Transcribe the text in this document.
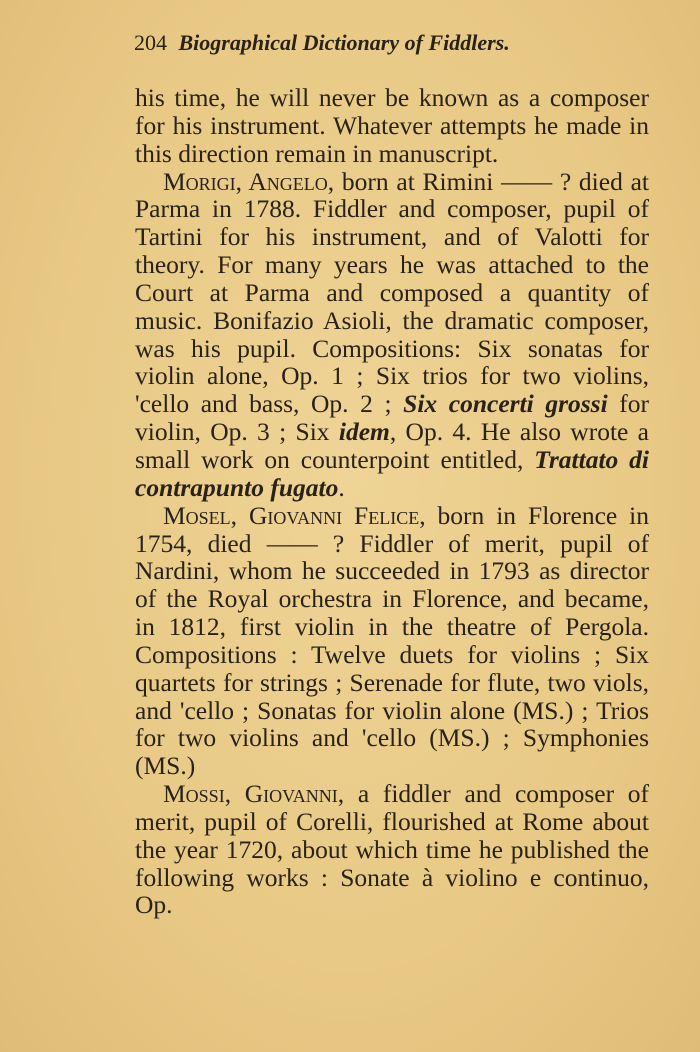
204 Biographical Dictionary of Fiddlers.

his time, he will never be known as a composer for his instrument. Whatever attempts he made in this direction remain in manuscript.

Morigi, Angelo, born at Rimini —— ? died at Parma in 1788. Fiddler and composer, pupil of Tartini for his instrument, and of Valotti for theory. For many years he was attached to the Court at Parma and composed a quantity of music. Bonifazio Asioli, the dramatic composer, was his pupil. Compositions: Six sonatas for violin alone, Op. 1 ; Six trios for two violins, 'cello and bass, Op. 2 ; Six concerti grossi for violin, Op. 3 ; Six idem, Op. 4. He also wrote a small work on counterpoint entitled, Trattato di contrapunto fugato.

Mosel, Giovanni Felice, born in Florence in 1754, died —— ? Fiddler of merit, pupil of Nardini, whom he succeeded in 1793 as director of the Royal orchestra in Florence, and became, in 1812, first violin in the theatre of Pergola. Compositions : Twelve duets for violins ; Six quartets for strings ; Serenade for flute, two viols, and 'cello ; Sonatas for violin alone (MS.) ; Trios for two violins and 'cello (MS.) ; Symphonies (MS.)

Mossi, Giovanni, a fiddler and composer of merit, pupil of Corelli, flourished at Rome about the year 1720, about which time he published the following works : Sonate à violino e continuo, Op.
